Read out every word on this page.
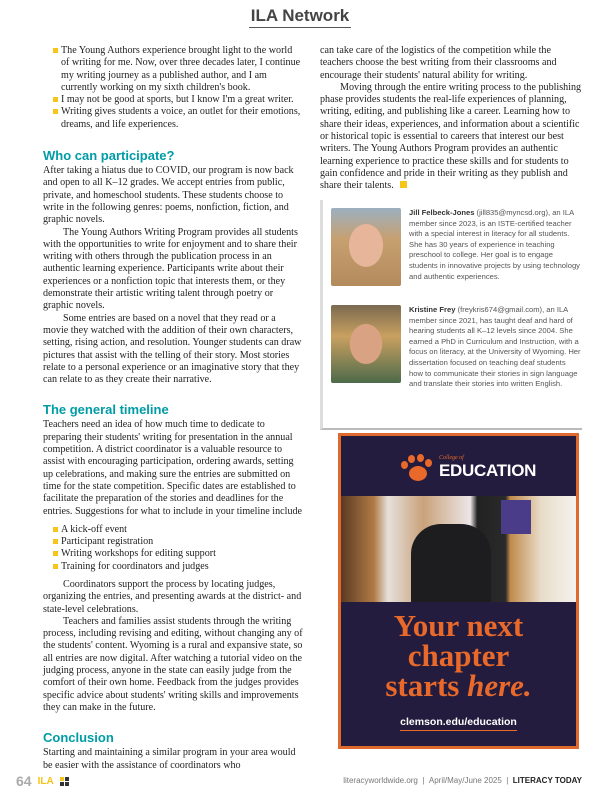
ILA Network
The Young Authors experience brought light to the world of writing for me. Now, over three decades later, I continue my writing journey as a published author, and I am currently working on my sixth children's book.
I may not be good at sports, but I know I'm a great writer.
Writing gives students a voice, an outlet for their emotions, dreams, and life experiences.
Who can participate?

After taking a hiatus due to COVID, our program is now back and open to all K–12 grades. We accept entries from public, private, and homeschool students. These students choose to write in the following genres: poems, nonfiction, fiction, and graphic novels.

The Young Authors Writing Program provides all students with the opportunities to write for enjoyment and to share their writing with others through the publication process in an authentic learning experience. Participants write about their experiences or a nonfiction topic that interests them, or they demonstrate their artistic writing talent through poetry or graphic novels.

Some entries are based on a novel that they read or a movie they watched with the addition of their own characters, setting, rising action, and resolution. Younger students can draw pictures that assist with the telling of their story. Most stories relate to a personal experience or an imaginative story that they can relate to as they create their narrative.

The general timeline

Teachers need an idea of how much time to dedicate to preparing their students' writing for presentation in the annual competition. A district coordinator is a valuable resource to assist with encouraging participation, ordering awards, setting up celebrations, and making sure the entries are submitted on time for the state competition. Specific dates are established to facilitate the preparation of the stories and deadlines for the entries. Suggestions for what to include in your timeline include

A kick-off event
Participant registration
Writing workshops for editing support
Training for coordinators and judges

Coordinators support the process by locating judges, organizing the entries, and presenting awards at the district- and state-level celebrations.

Teachers and families assist students through the writing process, including revising and editing, without changing any of the students' content. Wyoming is a rural and expansive state, so all entries are now digital. After watching a tutorial video on the judging process, anyone in the state can easily judge from the comfort of their own home. Feedback from the judges provides specific advice about students' writing skills and improvements they can make in the future.

Conclusion

Starting and maintaining a similar program in your area would be easier with the assistance of coordinators who

can take care of the logistics of the competition while the teachers choose the best writing from their classrooms and encourage their students' natural ability for writing.

Moving through the entire writing process to the publishing phase provides students the real-life experiences of planning, writing, editing, and publishing like a career. Learning how to share their ideas, experiences, and information about a scientific or historical topic is essential to careers that interest our best writers. The Young Authors Program provides an authentic learning experience to practice these skills and for students to gain confidence and pride in their writing as they publish and share their talents.

Jill Felbeck-Jones (jill835@myncsd.org), an ILA member since 2023, is an ISTE-certified teacher with a special interest in literacy for all students. She has 30 years of experience in teaching preschool to college. Her goal is to engage students in innovative projects by using technology and authentic experiences.
Kristine Frey (freykris674@gmail.com), an ILA member since 2021, has taught deaf and hard of hearing students all K–12 levels since 2004. She earned a PhD in Curriculum and Instruction, with a focus on literacy, at the University of Wyoming. Her dissertation focused on teaching deaf students how to communicate their stories in sign language and translate their stories into written English.
College of
EDUCATION
Your next
chapter
starts here.
clemson.edu/education
64 ILA	literacyworldwide.org | April/May/June 2025 | LITERACY TODAY
